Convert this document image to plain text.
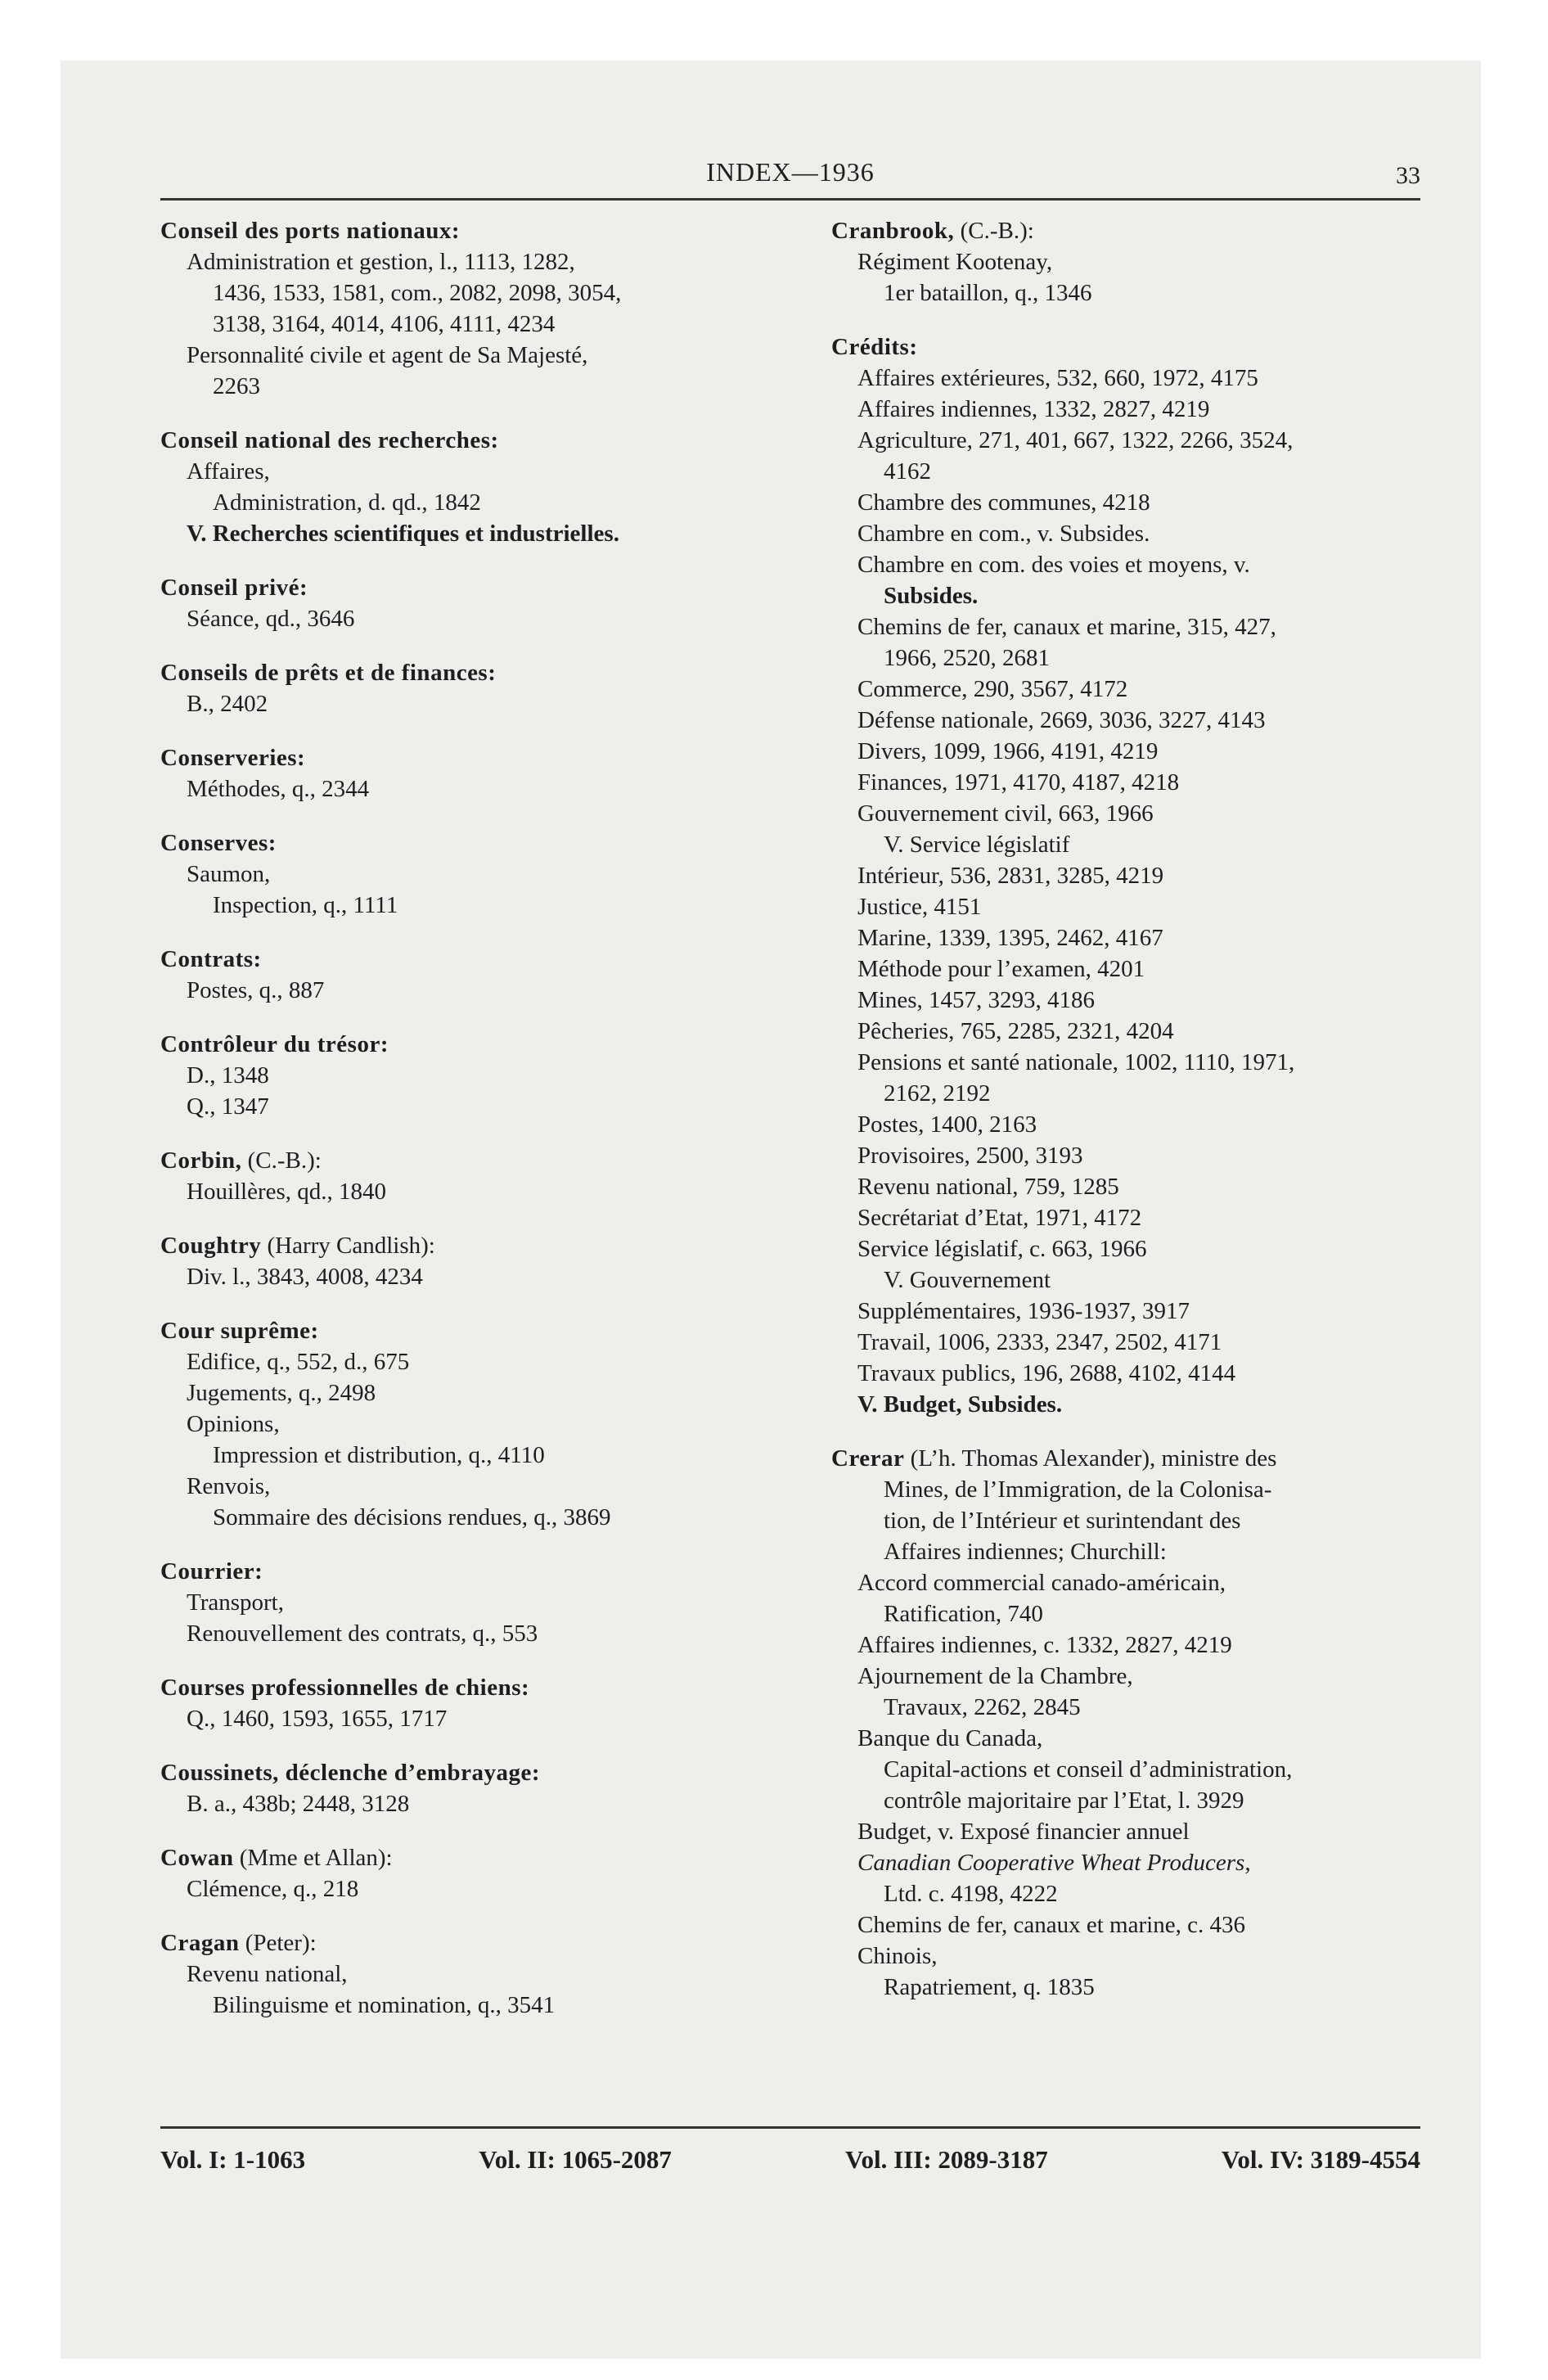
INDEX—1936	33
Conseil des ports nationaux:
Administration et gestion, l., 1113, 1282,
1436, 1533, 1581, com., 2082, 2098, 3054,
3138, 3164, 4014, 4106, 4111, 4234
Personnalité civile et agent de Sa Majesté,
2263
Conseil national des recherches:
Affaires,
Administration, d. qd., 1842
V. Recherches scientifiques et industrielles.
Conseil privé:
Séance, qd., 3646
Conseils de prêts et de finances:
B., 2402
Conserveries:
Méthodes, q., 2344
Conserves:
Saumon,
Inspection, q., 1111
Contrats:
Postes, q., 887
Contrôleur du trésor:
D., 1348
Q., 1347
Corbin, (C.-B.):
Houillères, qd., 1840
Coughtry (Harry Candlish):
Div. l., 3843, 4008, 4234
Cour suprême:
Edifice, q., 552, d., 675
Jugements, q., 2498
Opinions,
Impression et distribution, q., 4110
Renvois,
Sommaire des décisions rendues, q., 3869
Courrier:
Transport,
Renouvellement des contrats, q., 553
Courses professionnelles de chiens:
Q., 1460, 1593, 1655, 1717
Coussinets, déclenche d’embrayage:
B. a., 438b; 2448, 3128
Cowan (Mme et Allan):
Clémence, q., 218
Cragan (Peter):
Revenu national,
Bilinguisme et nomination, q., 3541
Cranbrook, (C.-B.):
Régiment Kootenay,
1er bataillon, q., 1346
Crédits:
Affaires extérieures, 532, 660, 1972, 4175
Affaires indiennes, 1332, 2827, 4219
Agriculture, 271, 401, 667, 1322, 2266, 3524,
4162
Chambre des communes, 4218
Chambre en com., v. Subsides.
Chambre en com. des voies et moyens, v.
Subsides.
Chemins de fer, canaux et marine, 315, 427,
1966, 2520, 2681
Commerce, 290, 3567, 4172
Défense nationale, 2669, 3036, 3227, 4143
Divers, 1099, 1966, 4191, 4219
Finances, 1971, 4170, 4187, 4218
Gouvernement civil, 663, 1966
V. Service législatif
Intérieur, 536, 2831, 3285, 4219
Justice, 4151
Marine, 1339, 1395, 2462, 4167
Méthode pour l’examen, 4201
Mines, 1457, 3293, 4186
Pêcheries, 765, 2285, 2321, 4204
Pensions et santé nationale, 1002, 1110, 1971,
2162, 2192
Postes, 1400, 2163
Provisoires, 2500, 3193
Revenu national, 759, 1285
Secrétariat d’Etat, 1971, 4172
Service législatif, c. 663, 1966
V. Gouvernement
Supplémentaires, 1936-1937, 3917
Travail, 1006, 2333, 2347, 2502, 4171
Travaux publics, 196, 2688, 4102, 4144
V. Budget, Subsides.
Crerar (L’h. Thomas Alexander), ministre des
Mines, de l’Immigration, de la Colonisa-
tion, de l’Intérieur et surintendant des
Affaires indiennes; Churchill:
Accord commercial canado-américain,
Ratification, 740
Affaires indiennes, c. 1332, 2827, 4219
Ajournement de la Chambre,
Travaux, 2262, 2845
Banque du Canada,
Capital-actions et conseil d’administration,
contrôle majoritaire par l’Etat, l. 3929
Budget, v. Exposé financier annuel
Canadian Cooperative Wheat Producers,
Ltd. c. 4198, 4222
Chemins de fer, canaux et marine, c. 436
Chinois,
Rapatriement, q. 1835
Vol. I: 1-1063	Vol. II: 1065-2087	Vol. III: 2089-3187	Vol. IV: 3189-4554
